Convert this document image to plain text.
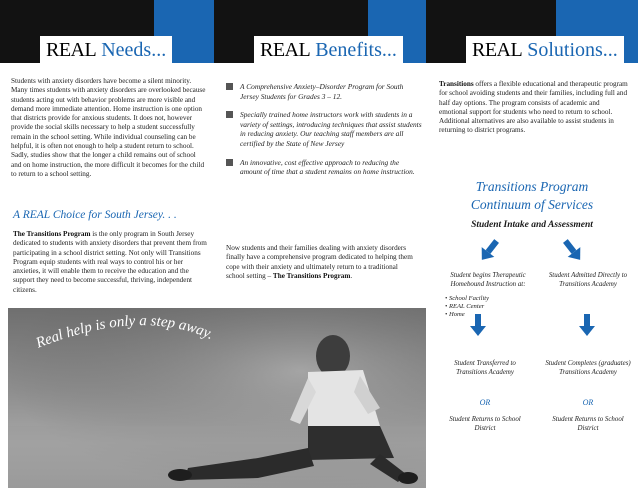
REAL Needs...
Students with anxiety disorders have become a silent minority. Many times students with anxiety disorders are overlooked because students acting out with behavior problems are more visible and demand more immediate attention. Home instruction is one option that districts provide for anxious students. It does not, however provide the social skills necessary to help a student successfully remain in the school setting. While individual counseling can be helpful, it is often not enough to help a student return to school. Sadly, studies show that the longer a child remains out of school and on home instruction, the more difficult it becomes for the child to return to a school setting.
A REAL Choice for South Jersey. . .
The Transitions Program is the only program in South Jersey dedicated to students with anxiety disorders that prevent them from participating in a school district setting. Not only will Transitions Program equip students with real ways to control his or her anxieties, it will enable them to receive the education and the support they need to become successful, thriving, independent citizens.
REAL Benefits...
A Comprehensive Anxiety–Disorder Program for South Jersey Students for Grades 3 – 12.
Specially trained home instructors work with students in a variety of settings, introducing techniques that assist students in reducing anxiety. Our teaching staff members are all certified by the State of New Jersey
An innovative, cost effective approach to reducing the amount of time that a student remains on home instruction.
Now students and their families dealing with anxiety disorders finally have a comprehensive program dedicated to helping them cope with their anxiety and ultimately return to a traditional school setting – The Transitions Program.
Real help is only a step away.
REAL Solutions...
Transitions offers a flexible educational and therapeutic program for school avoiding students and their families, including full and half day options. The program consists of academic and emotional support for students who need to return to school. Additional alternatives are also available to assist students in returning to district programs.
Transitions Program
Continuum of Services
Student Intake and Assessment
Student begins Therapeutic Homebound Instruction at:
• School Facility
• REAL Center
• Home
Student Admitted Directly to Transitions Academy
Student Transferred to Transitions Academy
Student Completes (graduates) Transitions Academy
OR	OR
Student Returns to School District
Student Returns to School District
